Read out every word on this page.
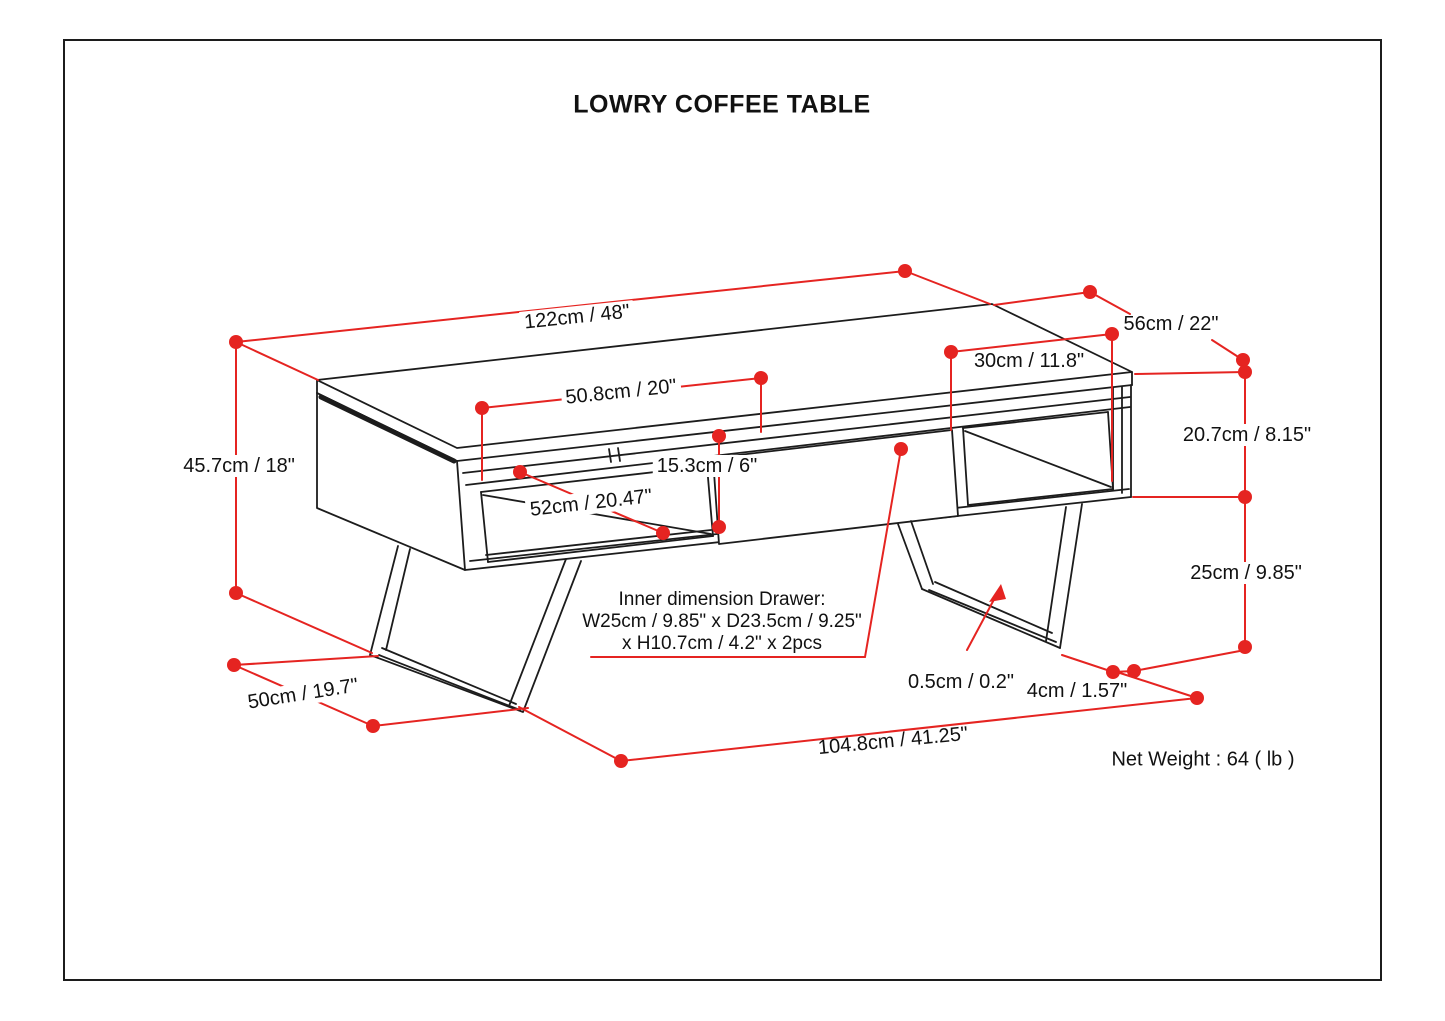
LOWRY COFFEE TABLE
122cm / 48"	56cm / 22"
30cm / 11.8"
50.8cm / 20"
20.7cm / 8.15"
45.7cm / 18"	15.3cm / 6"
52cm / 20.47"
25cm / 9.85"
0.5cm / 0.2" 4cm / 1.57"
50cm / 19.7"
104.8cm / 41.25"
Inner dimension Drawer:
W25cm / 9.85" x D23.5cm / 9.25"
x H10.7cm / 4.2" x 2pcs
Net Weight : 64 ( lb )
